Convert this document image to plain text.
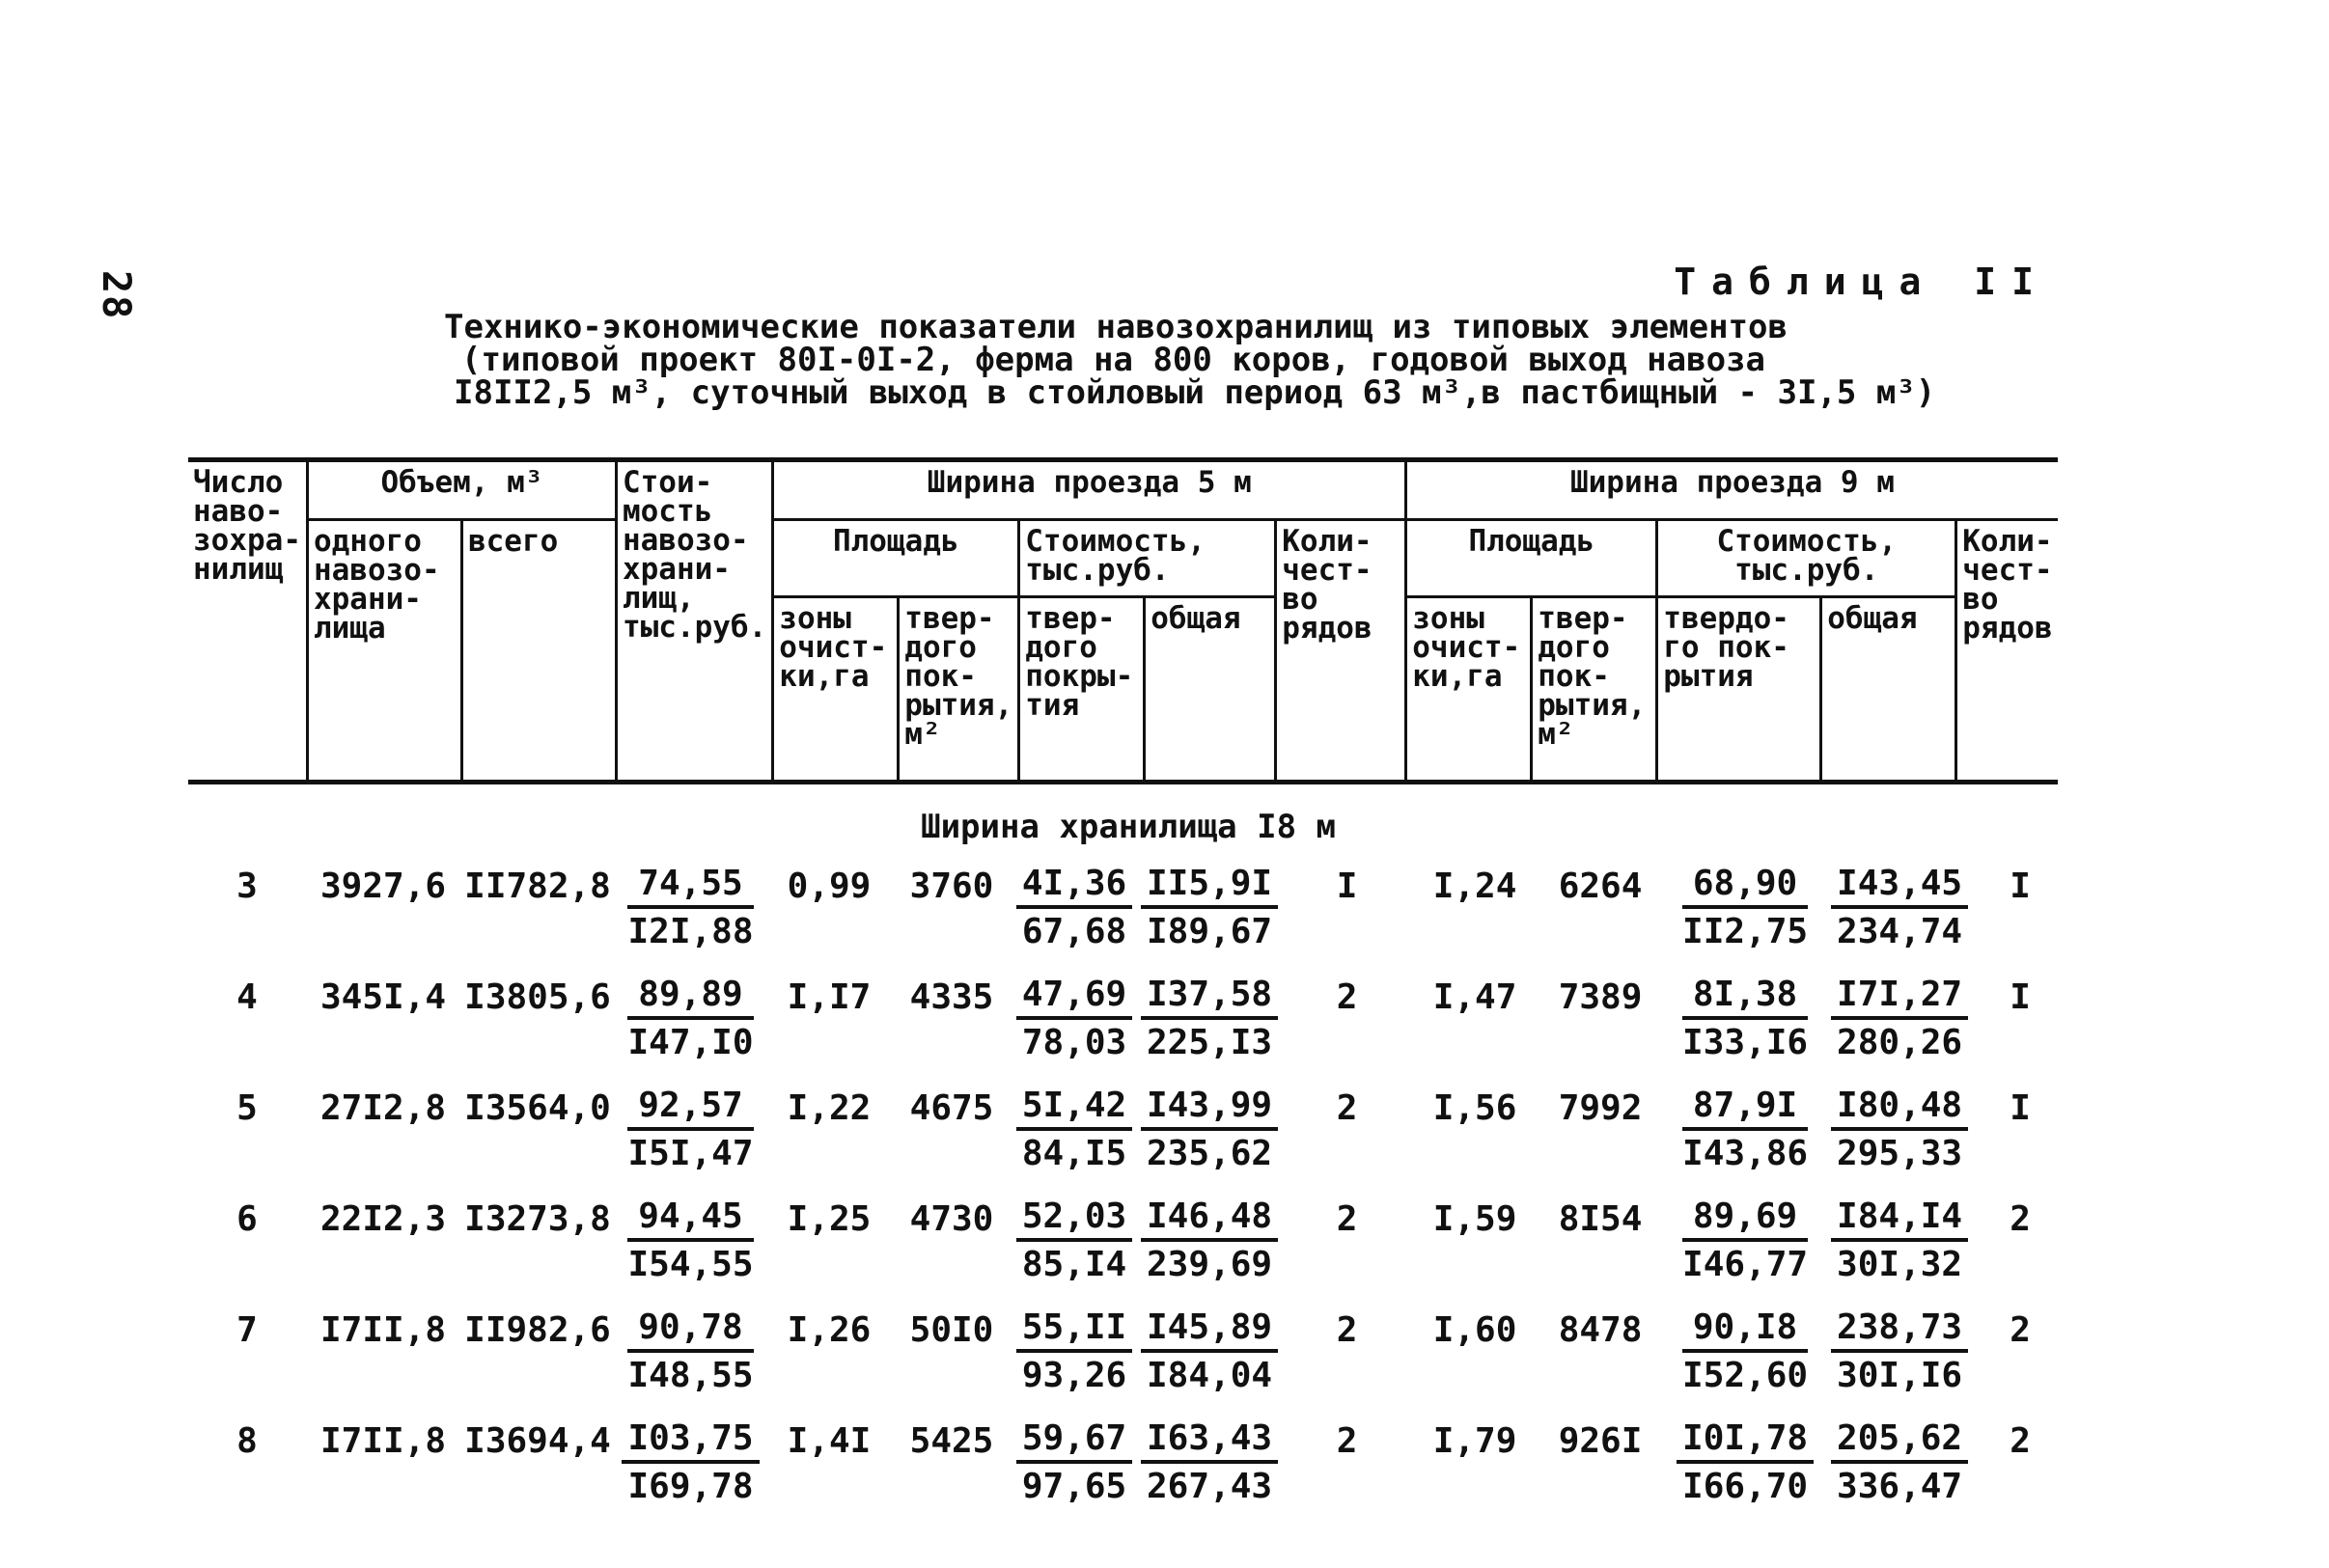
28	Таблица II
Технико-экономические показатели навозохранилищ из типовых элементов
(типовой проект 80I-0I-2, ферма на 800 коров, годовой выход навоза
I8II2,5 м³, суточный выход в стойловый период 63 м³,в пастбищный - 3I,5 м³)
Число наво-зохра-нилищ	Объем, м³		Стои-мость навозо-храни-лищ, тыс.руб.	Ширина проезда 5 м					Ширина проезда 9 м				
	одного навозо-храни-лища	всего		Площадь		Стоимость, тыс.руб.		Коли-чест-во рядов	Площадь		Стоимость, тыс.руб.		Коли-чест-во рядов
				зоны очист-ки,га	твер-дого пок-рытия, м²	твер-дого покры-тия	общая		зоны очист-ки,га	твер-дого пок-рытия, м²	твердо-го пок-рытия	общая	
Ширина хранилища I8 м													
3	3927,6	II782,8	$\frac{74,55}{I2I,88}$	0,99	3760	$\frac{4I,36}{67,68}$	$\frac{II5,9I}{I89,67}$	I	I,24	6264	$\frac{68,90}{II2,75}$	$\frac{I43,45}{234,74}$	I
4	345I,4	I3805,6	$\frac{89,89}{I47,I0}$	I,I7	4335	$\frac{47,69}{78,03}$	$\frac{I37,58}{225,I3}$	2	I,47	7389	$\frac{8I,38}{I33,I6}$	$\frac{I7I,27}{280,26}$	I
5	27I2,8	I3564,0	$\frac{92,57}{I5I,47}$	I,22	4675	$\frac{5I,42}{84,I5}$	$\frac{I43,99}{235,62}$	2	I,56	7992	$\frac{87,9I}{I43,86}$	$\frac{I80,48}{295,33}$	I
6	22I2,3	I3273,8	$\frac{94,45}{I54,55}$	I,25	4730	$\frac{52,03}{85,I4}$	$\frac{I46,48}{239,69}$	2	I,59	8I54	$\frac{89,69}{I46,77}$	$\frac{I84,I4}{30I,32}$	2
7	I7II,8	II982,6	$\frac{90,78}{I48,55}$	I,26	50I0	$\frac{55,II}{93,26}$	$\frac{I45,89}{I84,04}$	2	I,60	8478	$\frac{90,I8}{I52,60}$	$\frac{238,73}{30I,I6}$	2
8	I7II,8	I3694,4	$\frac{I03,75}{I69,78}$	I,4I	5425	$\frac{59,67}{97,65}$	$\frac{I63,43}{267,43}$	2	I,79	926I	$\frac{I0I,78}{I66,70}$	$\frac{205,62}{336,47}$	2
